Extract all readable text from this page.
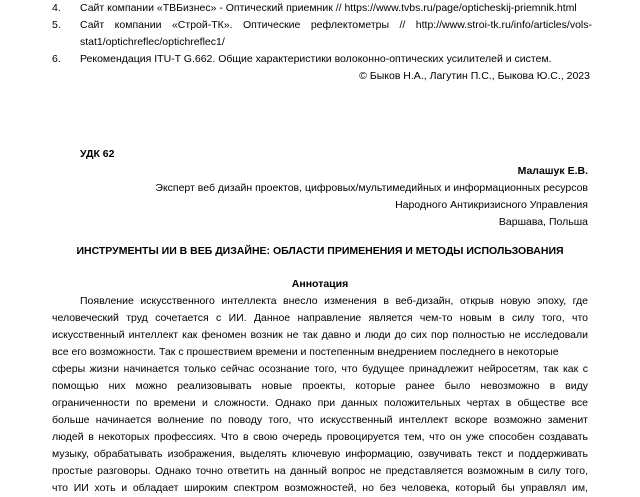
4. Сайт компании «ТВБизнес» - Оптический приемник // https://www.tvbs.ru/page/opticheskij-priemnik.html
5. Сайт компании «Строй-ТК». Оптические рефлектометры // http://www.stroi-tk.ru/info/articles/vols-stat1/optichreflec/optichreflec1/
6. Рекомендация ITU-T G.662. Общие характеристики волоконно-оптических усилителей и систем.
© Быков Н.А., Лагутин П.С., Быкова Ю.С., 2023
УДК 62
Малашук Е.В.
Эксперт веб дизайн проектов, цифровых/мультимедийных и информационных ресурсов
Народного Антикризисного Управления
Варшава, Польша
ИНСТРУМЕНТЫ ИИ В ВЕБ ДИЗАЙНЕ: ОБЛАСТИ ПРИМЕНЕНИЯ И МЕТОДЫ ИСПОЛЬЗОВАНИЯ
Аннотация
Появление искусственного интеллекта внесло изменения в веб-дизайн, открыв новую эпоху, где
человеческий труд сочетается с ИИ. Данное направление является чем-то новым в силу того, что
искусственный интеллект как феномен возник не так давно и люди до сих пор полностью не исследовали
все его возможности. Так с прошествием времени и постепенным внедрением последнего в некоторые
сферы жизни начинается только сейчас осознание того, что будущее принадлежит нейросетям, так как с
помощью них можно реализовывать новые проекты, которые ранее было невозможно в виду
ограниченности по времени и сложности. Однако при данных положительных чертах в обществе все
больше начинается волнение по поводу того, что искусственный интеллект вскоре возможно заменит
людей в некоторых профессиях. Что в свою очередь провоцируется тем, что он уже способен создавать
музыку, обрабатывать изображения, выделять ключевую информацию, озвучивать текст и поддерживать
простые разговоры. Однако точно ответить на данный вопрос не представляется возможным в силу того,
что ИИ хоть и обладает широким спектром возможностей, но без человека, который бы управлял им,
